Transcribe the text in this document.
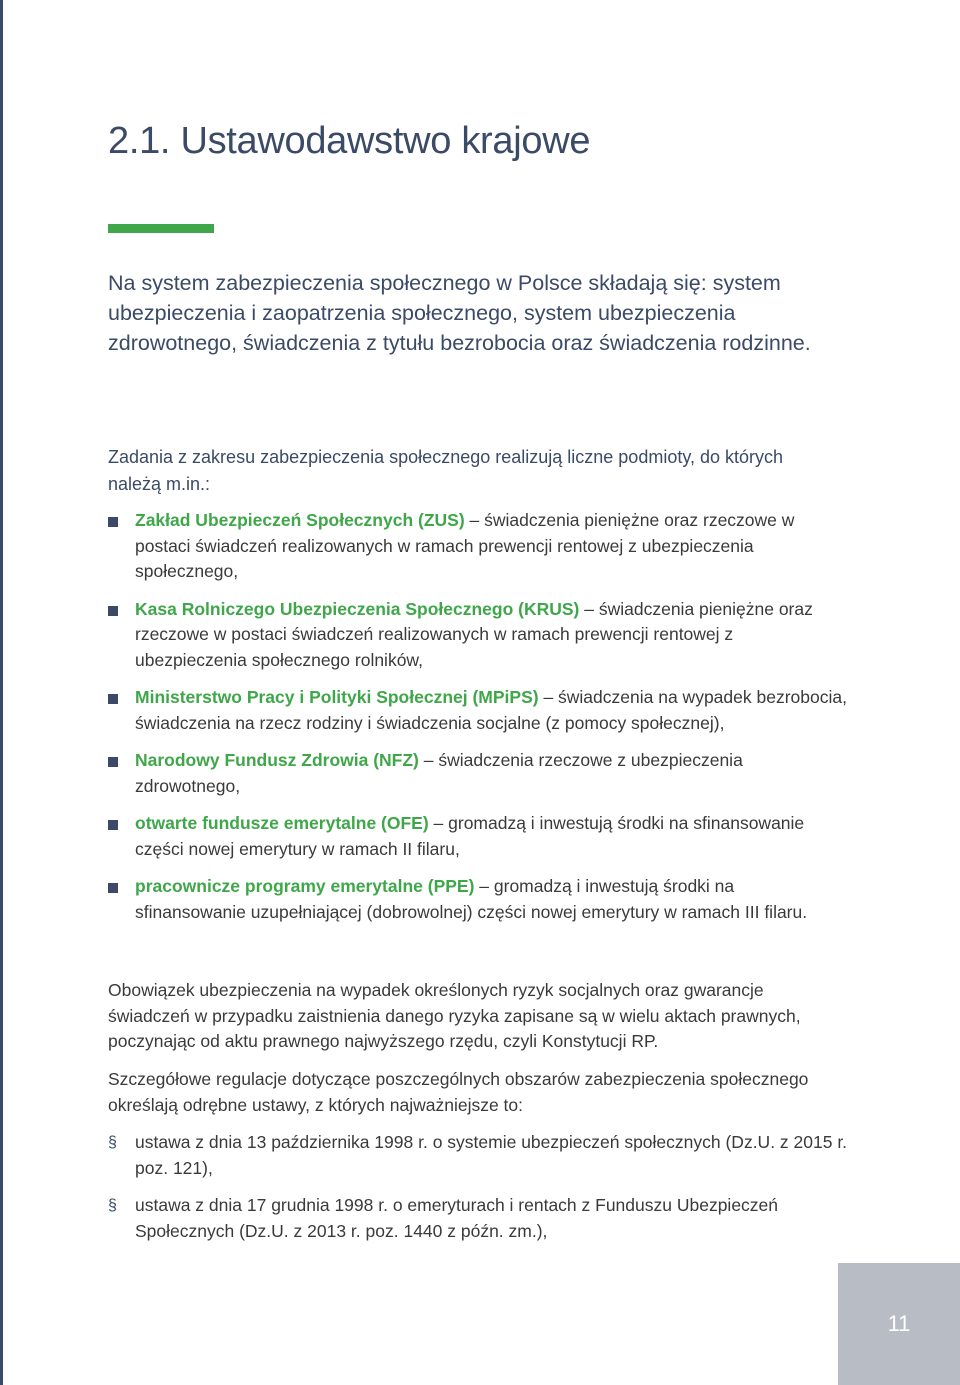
2.1. Ustawodawstwo krajowe

Na system zabezpieczenia społecznego w Polsce składają się: system ubezpieczenia i zaopatrzenia społecznego, system ubezpieczenia zdrowotnego, świadczenia z tytułu bezrobocia oraz świadczenia rodzinne.

Zadania z zakresu zabezpieczenia społecznego realizują liczne podmioty, do których należą m.in.:

Zakład Ubezpieczeń Społecznych (ZUS) – świadczenia pieniężne oraz rzeczowe w postaci świadczeń realizowanych w ramach prewencji rentowej z ubezpieczenia społecznego,
Kasa Rolniczego Ubezpieczenia Społecznego (KRUS) – świadczenia pieniężne oraz rzeczowe w postaci świadczeń realizowanych w ramach prewencji rentowej z ubezpieczenia społecznego rolników,
Ministerstwo Pracy i Polityki Społecznej (MPiPS) – świadczenia na wypadek bezrobocia, świadczenia na rzecz rodziny i świadczenia socjalne (z pomocy społecznej),
Narodowy Fundusz Zdrowia (NFZ) – świadczenia rzeczowe z ubezpieczenia zdrowotnego,
otwarte fundusze emerytalne (OFE) – gromadzą i inwestują środki na sfinansowanie części nowej emerytury w ramach II filaru,
pracownicze programy emerytalne (PPE) – gromadzą i inwestują środki na sfinansowanie uzupełniającej (dobrowolnej) części nowej emerytury w ramach III filaru.

Obowiązek ubezpieczenia na wypadek określonych ryzyk socjalnych oraz gwarancje świadczeń w przypadku zaistnienia danego ryzyka zapisane są w wielu aktach prawnych, poczynając od aktu prawnego najwyższego rzędu, czyli Konstytucji RP.

Szczegółowe regulacje dotyczące poszczególnych obszarów zabezpieczenia społecznego określają odrębne ustawy, z których najważniejsze to:

§ ustawa z dnia 13 października 1998 r. o systemie ubezpieczeń społecznych (Dz.U. z 2015 r. poz. 121),
§ ustawa z dnia 17 grudnia 1998 r. o emeryturach i rentach z Funduszu Ubezpieczeń Społecznych (Dz.U. z 2013 r. poz. 1440 z późn. zm.),
11
